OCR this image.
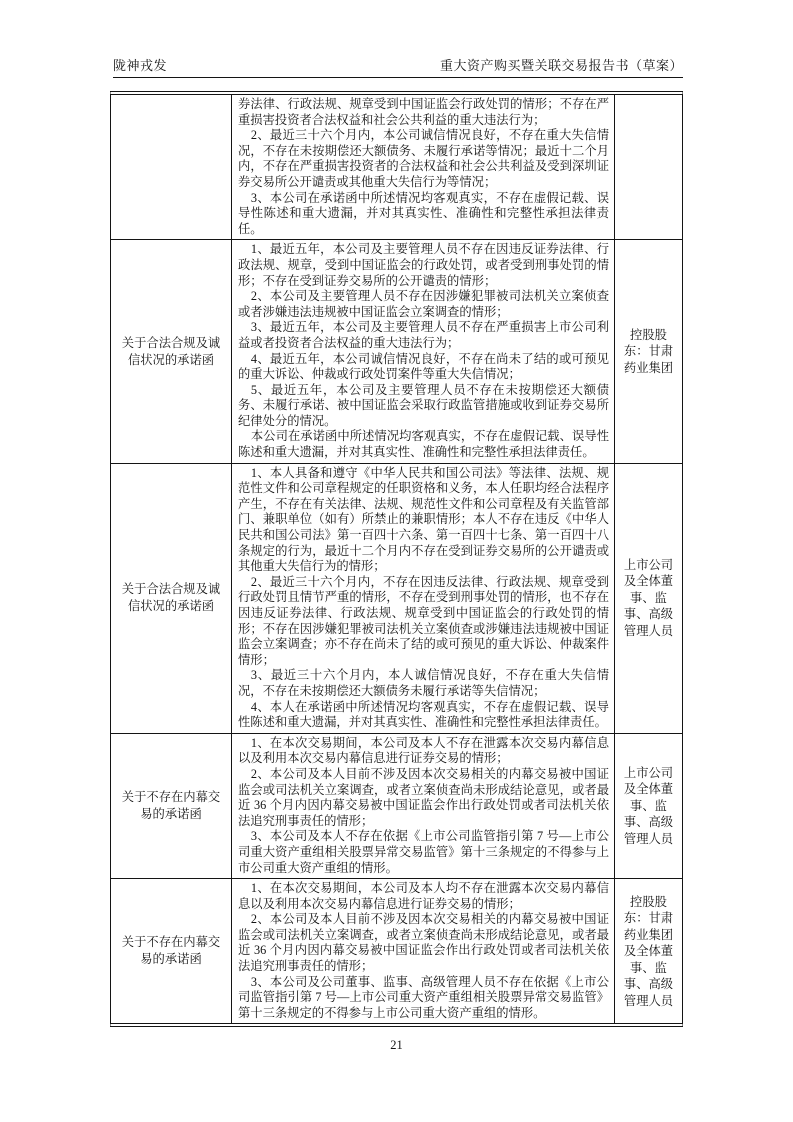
陇神戎发	重大资产购买暨关联交易报告书（草案）

券法律、行政法规、规章受到中国证监会行政处罚的情形；不存在严重损害投资者合法权益和社会公共利益的重大违法行为；

2、最近三十六个月内，本公司诚信情况良好，不存在重大失信情况，不存在未按期偿还大额债务、未履行承诺等情况；最近十二个月内，不存在严重损害投资者的合法权益和社会公共利益及受到深圳证券交易所公开谴责或其他重大失信行为等情况；

3、本公司在承诺函中所述情况均客观真实，不存在虚假记载、误导性陈述和重大遗漏，并对其真实性、准确性和完整性承担法律责任。

关于合法合规及诚信状况的承诺函

1、最近五年，本公司及主要管理人员不存在因违反证券法律、行政法规、规章，受到中国证监会的行政处罚，或者受到刑事处罚的情形；不存在受到证券交易所的公开谴责的情形；

2、本公司及主要管理人员不存在因涉嫌犯罪被司法机关立案侦查或者涉嫌违法违规被中国证监会立案调查的情形；

3、最近五年，本公司及主要管理人员不存在严重损害上市公司利益或者投资者合法权益的重大违法行为；

4、最近五年，本公司诚信情况良好，不存在尚未了结的或可预见的重大诉讼、仲裁或行政处罚案件等重大失信情况；

5、最近五年，本公司及主要管理人员不存在未按期偿还大额债务、未履行承诺、被中国证监会采取行政监管措施或收到证券交易所纪律处分的情况。

本公司在承诺函中所述情况均客观真实，不存在虚假记载、误导性陈述和重大遗漏，并对其真实性、准确性和完整性承担法律责任。

控股股东：甘肃药业集团
关于合法合规及诚信状况的承诺函

1、本人具备和遵守《中华人民共和国公司法》等法律、法规、规范性文件和公司章程规定的任职资格和义务，本人任职均经合法程序产生，不存在有关法律、法规、规范性文件和公司章程及有关监管部门、兼职单位（如有）所禁止的兼职情形；本人不存在违反《中华人民共和国公司法》第一百四十六条、第一百四十七条、第一百四十八条规定的行为，最近十二个月内不存在受到证券交易所的公开谴责或其他重大失信行为的情形；

2、最近三十六个月内，不存在因违反法律、行政法规、规章受到行政处罚且情节严重的情形，不存在受到刑事处罚的情形，也不存在因违反证券法律、行政法规、规章受到中国证监会的行政处罚的情形；不存在因涉嫌犯罪被司法机关立案侦查或涉嫌违法违规被中国证监会立案调查；亦不存在尚未了结的或可预见的重大诉讼、仲裁案件情形；

3、最近三十六个月内，本人诚信情况良好，不存在重大失信情况，不存在未按期偿还大额债务未履行承诺等失信情况；

4、本人在承诺函中所述情况均客观真实，不存在虚假记载、误导性陈述和重大遗漏，并对其真实性、准确性和完整性承担法律责任。

上市公司及全体董事、监事、高级管理人员
关于不存在内幕交易的承诺函

1、在本次交易期间，本公司及本人不存在泄露本次交易内幕信息以及利用本次交易内幕信息进行证券交易的情形；

2、本公司及本人目前不涉及因本次交易相关的内幕交易被中国证监会或司法机关立案调查，或者立案侦查尚未形成结论意见，或者最近 36 个月内因内幕交易被中国证监会作出行政处罚或者司法机关依法追究刑事责任的情形；

3、本公司及本人不存在依据《上市公司监管指引第 7 号—上市公司重大资产重组相关股票异常交易监管》第十三条规定的不得参与上市公司重大资产重组的情形。

上市公司及全体董事、监事、高级管理人员
关于不存在内幕交易的承诺函

1、在本次交易期间，本公司及本人均不存在泄露本次交易内幕信息以及利用本次交易内幕信息进行证券交易的情形；

2、本公司及本人目前不涉及因本次交易相关的内幕交易被中国证监会或司法机关立案调查，或者立案侦查尚未形成结论意见，或者最近 36 个月内因内幕交易被中国证监会作出行政处罚或者司法机关依法追究刑事责任的情形；

3、本公司及公司董事、监事、高级管理人员不存在依据《上市公司监管指引第 7 号—上市公司重大资产重组相关股票异常交易监管》第十三条规定的不得参与上市公司重大资产重组的情形。

控股股东：甘肃药业集团及全体董事、监事、高级管理人员
21
